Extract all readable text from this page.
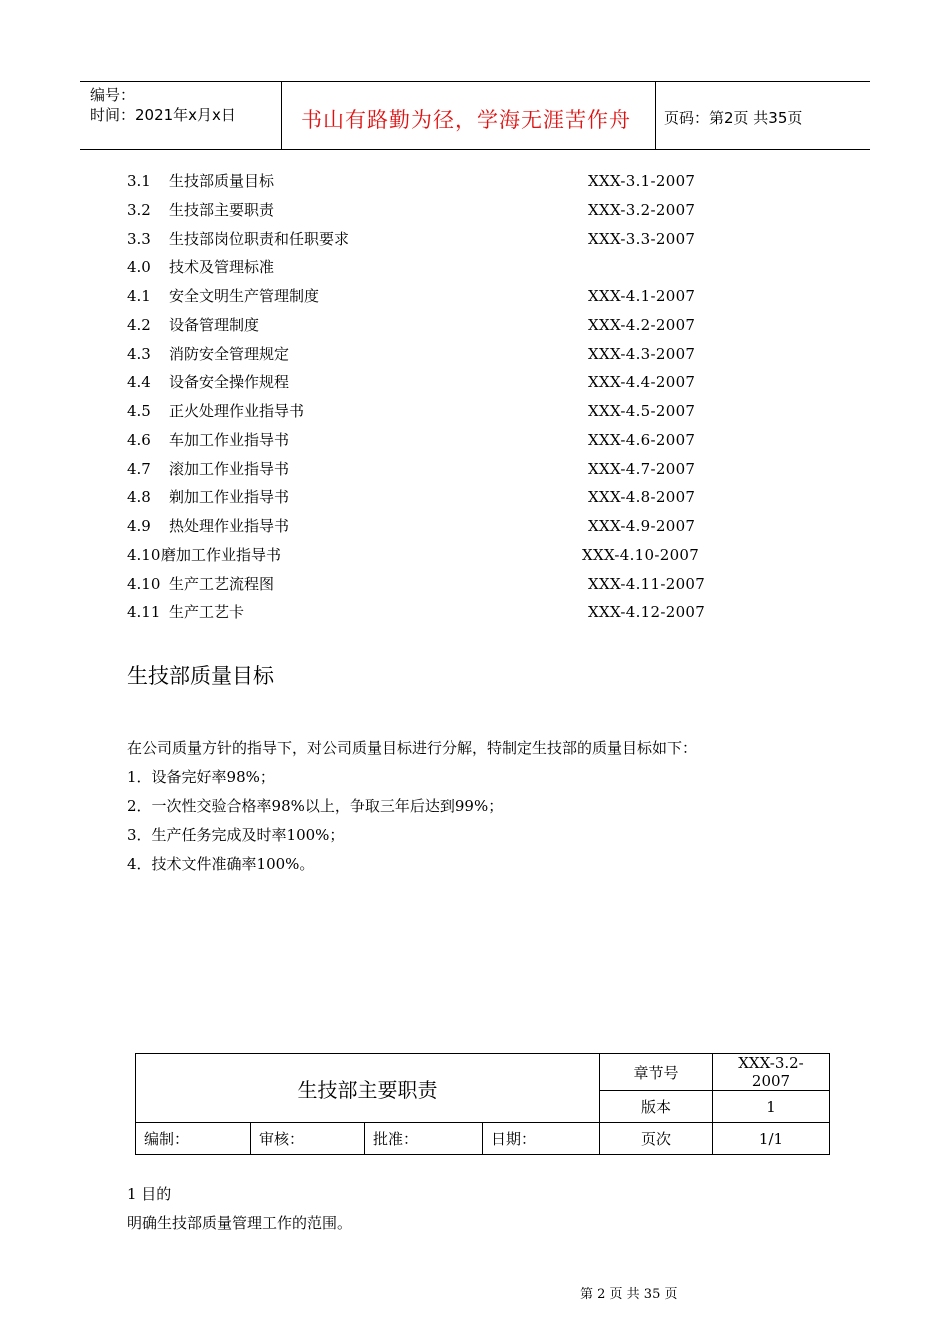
编号：
时间：2021年x月x日	书山有路勤为径，学海无涯苦作舟 页码：第2页 共35页
3.1 生技部质量目标	XXX-3.1-2007
3.2 生技部主要职责	XXX-3.2-2007
3.3 生技部岗位职责和任职要求	XXX-3.3-2007
4.0 技术及管理标准
4.1 安全文明生产管理制度	XXX-4.1-2007
4.2 设备管理制度	XXX-4.2-2007
4.3 消防安全管理规定	XXX-4.3-2007
4.4 设备安全操作规程	XXX-4.4-2007
4.5 正火处理作业指导书	XXX-4.5-2007
4.6 车加工作业指导书	XXX-4.6-2007
4.7 滚加工作业指导书	XXX-4.7-2007
4.8 剃加工作业指导书	XXX-4.8-2007
4.9 热处理作业指导书	XXX-4.9-2007
4.10 磨加工作业指导书	XXX-4.10-2007
4.10 生产工艺流程图	XXX-4.11-2007
4.11 生产工艺卡	XXX-4.12-2007
生技部质量目标
在公司质量方针的指导下，对公司质量目标进行分解，特制定生技部的质量目标如下：
1．设备完好率98%；
2．一次性交验合格率98%以上，争取三年后达到99%；
3．生产任务完成及时率100%；
4．技术文件准确率100%。
生技部主要职责				章节号	XXX-3.2-2007
				版本	1
编制：	审核：	批准：	日期：	页次	1/1
1 目的
明确生技部质量管理工作的范围。
第 2 页 共 35 页
